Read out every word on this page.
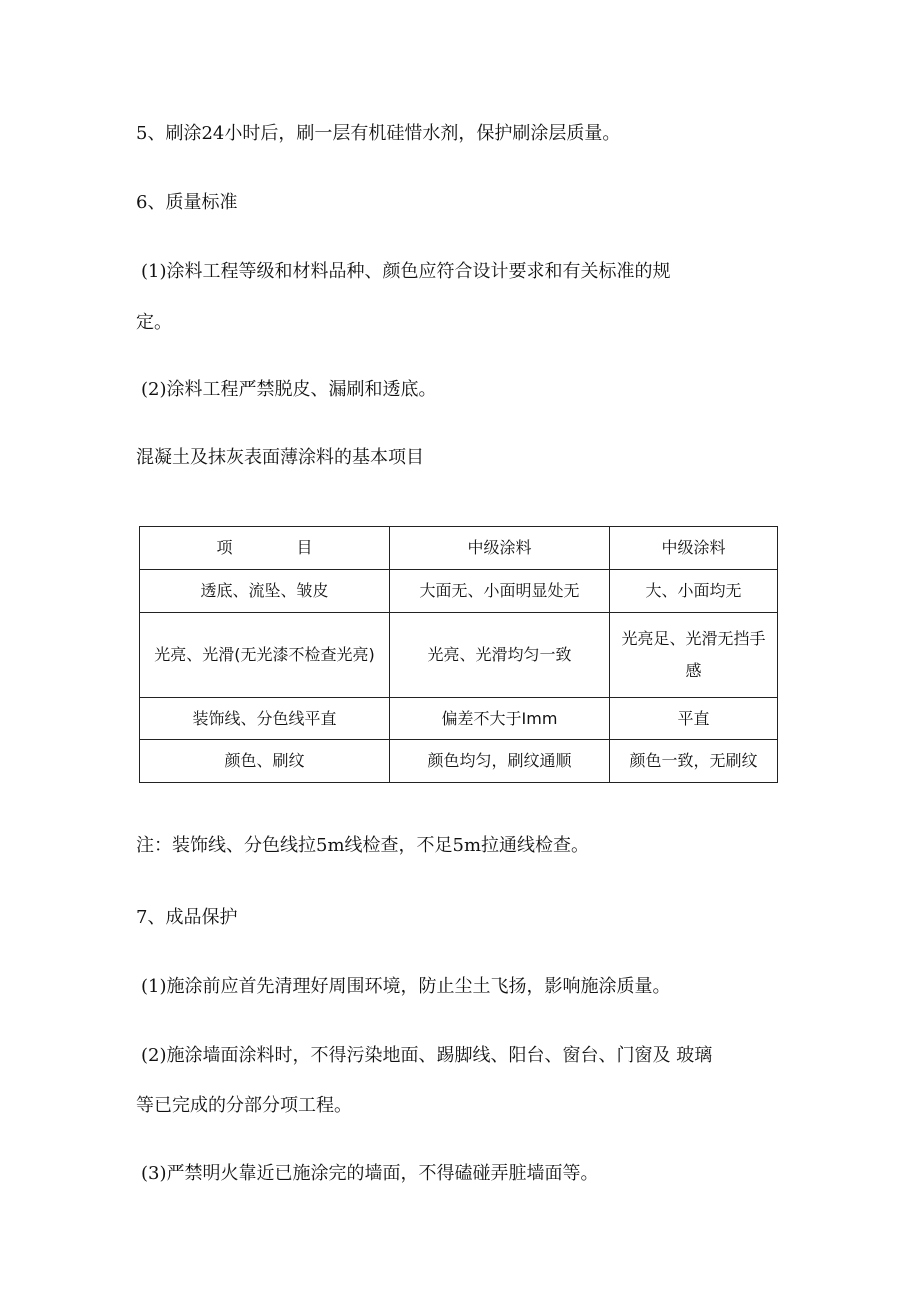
5、刷涂24小时后，刷一层有机硅惜水剂，保护刷涂层质量。
6、质量标准
(1)涂料工程等级和材料品种、颜色应符合设计要求和有关标准的规
定。
(2)涂料工程严禁脱皮、漏刷和透底。
混凝土及抹灰表面薄涂料的基本项目
项　　　　目	中级涂料	中级涂料
透底、流坠、皱皮	大面无、小面明显处无	大、小面均无
光亮、光滑(无光漆不检查光亮)	光亮、光滑均匀一致	光亮足、光滑无挡手 感
装饰线、分色线平直	偏差不大于Imm	平直
颜色、刷纹	颜色均匀，刷纹通顺	颜色一致，无刷纹
注：装饰线、分色线拉5m线检查，不足5m拉通线检查。
7、成品保护
(1)施涂前应首先清理好周围环境，防止尘土飞扬，影响施涂质量。
(2)施涂墙面涂料时，不得污染地面、踢脚线、阳台、窗台、门窗及 玻璃
等已完成的分部分项工程。
(3)严禁明火靠近已施涂完的墙面，不得磕碰弄脏墙面等。
